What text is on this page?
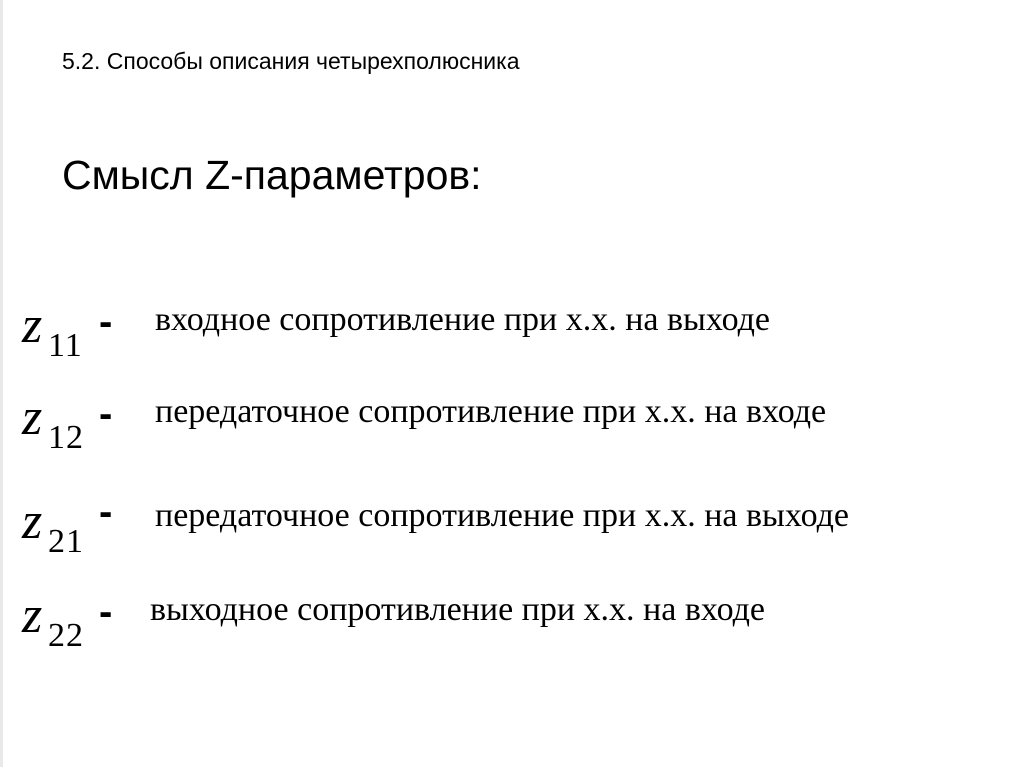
5.2. Способы описания четырехполюсника
Смысл Z-параметров:
z 11
- входное сопротивление при х.х. на выходе
z 12
- передаточное сопротивление при х.х. на входе
z 21
- передаточное сопротивление при х.х. на выходе
z 22
- выходное сопротивление при х.х. на входе
